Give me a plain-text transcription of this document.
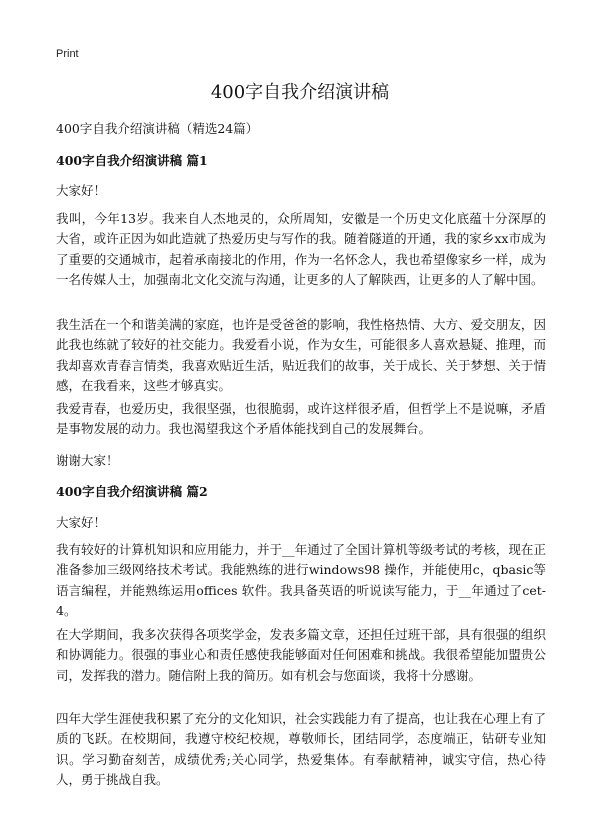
Print
400字自我介绍演讲稿
400字自我介绍演讲稿（精选24篇）
400字自我介绍演讲稿 篇1
大家好！

我叫，今年13岁。我来自人杰地灵的，众所周知，安徽是一个历史文化底蕴十分深厚的大省，或许正因为如此造就了热爱历史与写作的我。随着隧道的开通，我的家乡xx市成为了重要的交通城市，起着承南接北的作用，作为一名怀念人，我也希望像家乡一样，成为一名传媒人士，加强南北文化交流与沟通，让更多的人了解陕西，让更多的人了解中国。

我生活在一个和谐美满的家庭，也许是受爸爸的影响，我性格热情、大方、爱交朋友，因此我也练就了较好的社交能力。我爱看小说，作为女生，可能很多人喜欢悬疑、推理，而我却喜欢青春言情类，我喜欢贴近生活，贴近我们的故事，关于成长、关于梦想、关于情感，在我看来，这些才够真实。

我爱青春，也爱历史，我很坚强，也很脆弱，或许这样很矛盾，但哲学上不是说嘛，矛盾是事物发展的动力。我也渴望我这个矛盾体能找到自己的发展舞台。

谢谢大家！
400字自我介绍演讲稿 篇2
大家好！

我有较好的计算机知识和应用能力，并于__年通过了全国计算机等级考试的考核，现在正准备参加三级网络技术考试。我能熟练的进行windows98 操作，并能使用c，qbasic等语言编程，并能熟练运用offices 软件。我具备英语的听说读写能力，于__年通过了cet-4。

在大学期间，我多次获得各项奖学金，发表多篇文章，还担任过班干部，具有很强的组织和协调能力。很强的事业心和责任感使我能够面对任何困难和挑战。我很希望能加盟贵公司，发挥我的潜力。随信附上我的简历。如有机会与您面谈，我将十分感谢。

四年大学生涯使我积累了充分的文化知识，社会实践能力有了提高，也让我在心理上有了质的飞跃。在校期间，我遵守校纪校规，尊敬师长，团结同学，态度端正，钻研专业知识。学习勤奋刻苦，成绩优秀;关心同学，热爱集体。有奉献精神，诚实守信，热心待人，勇于挑战自我。
